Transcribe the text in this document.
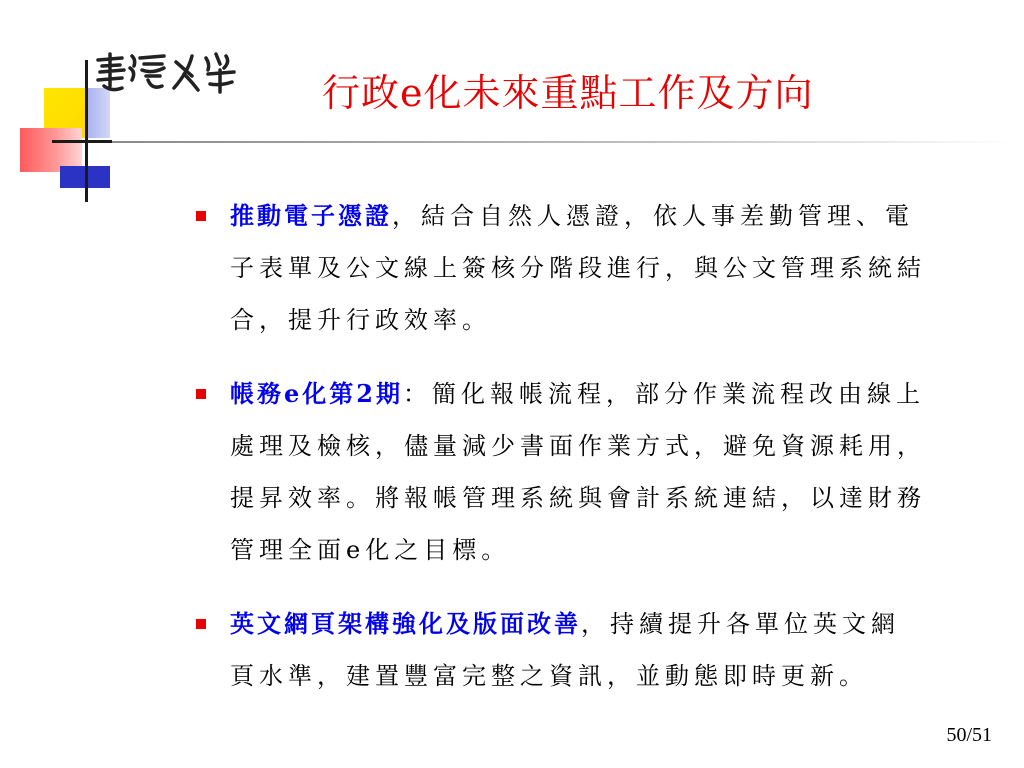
行政e化未來重點工作及方向
推動電子憑證，結合自然人憑證，依人事差勤管理、電子表單及公文線上簽核分階段進行，與公文管理系統結合，提升行政效率。
帳務e化第2期：簡化報帳流程，部分作業流程改由線上處理及檢核，儘量減少書面作業方式，避免資源耗用，提昇效率。將報帳管理系統與會計系統連結，以達財務管理全面e化之目標。
英文網頁架構強化及版面改善，持續提升各單位英文網頁水準，建置豐富完整之資訊，並動態即時更新。
50/51
